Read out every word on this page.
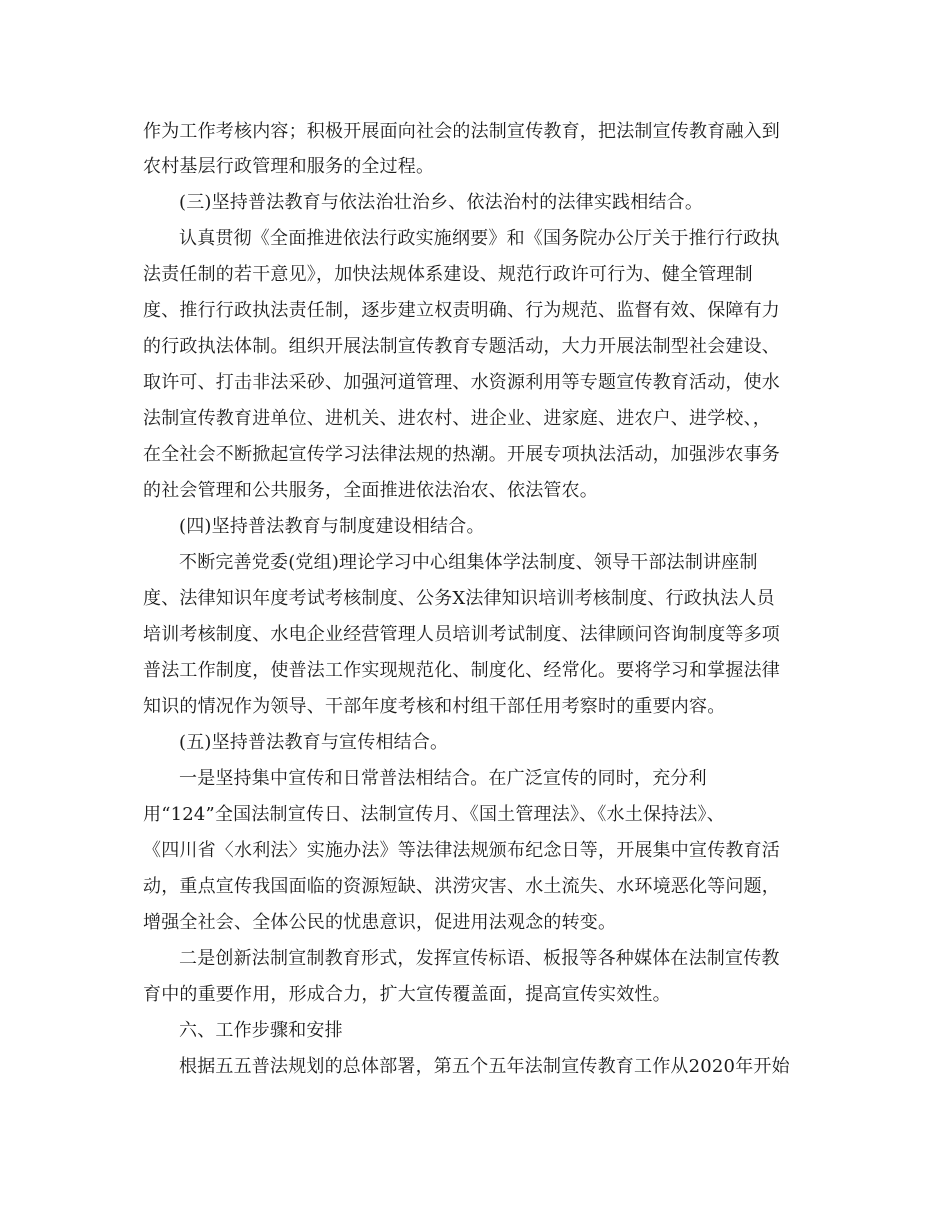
作为工作考核内容；积极开展面向社会的法制宣传教育，把法制宣传教育融入到
农村基层行政管理和服务的全过程。
(三)坚持普法教育与依法治壮治乡、依法治村的法律实践相结合。
认真贯彻《全面推进依法行政实施纲要》和《国务院办公厅关于推行行政执
法责任制的若干意见》，加快法规体系建设、规范行政许可行为、健全管理制
度、推行行政执法责任制，逐步建立权责明确、行为规范、监督有效、保障有力
的行政执法体制。组织开展法制宣传教育专题活动，大力开展法制型社会建设、
取许可、打击非法采砂、加强河道管理、水资源利用等专题宣传教育活动，使水
法制宣传教育进单位、进机关、进农村、进企业、进家庭、进农户、进学校、，
在全社会不断掀起宣传学习法律法规的热潮。开展专项执法活动，加强涉农事务
的社会管理和公共服务，全面推进依法治农、依法管农。
(四)坚持普法教育与制度建设相结合。
不断完善党委(党组)理论学习中心组集体学法制度、领导干部法制讲座制
度、法律知识年度考试考核制度、公务X法律知识培训考核制度、行政执法人员
培训考核制度、水电企业经营管理人员培训考试制度、法律顾问咨询制度等多项
普法工作制度，使普法工作实现规范化、制度化、经常化。要将学习和掌握法律
知识的情况作为领导、干部年度考核和村组干部任用考察时的重要内容。
(五)坚持普法教育与宣传相结合。
一是坚持集中宣传和日常普法相结合。在广泛宣传的同时，充分利
用“124”全国法制宣传日、法制宣传月、《国土管理法》、《水土保持法》、
《四川省〈水利法〉实施办法》等法律法规颁布纪念日等，开展集中宣传教育活
动，重点宣传我国面临的资源短缺、洪涝灾害、水土流失、水环境恶化等问题，
增强全社会、全体公民的忧患意识，促进用法观念的转变。
二是创新法制宣制教育形式，发挥宣传标语、板报等各种媒体在法制宣传教
育中的重要作用，形成合力，扩大宣传覆盖面，提高宣传实效性。
六、工作步骤和安排
根据五五普法规划的总体部署，第五个五年法制宣传教育工作从2020年开始
